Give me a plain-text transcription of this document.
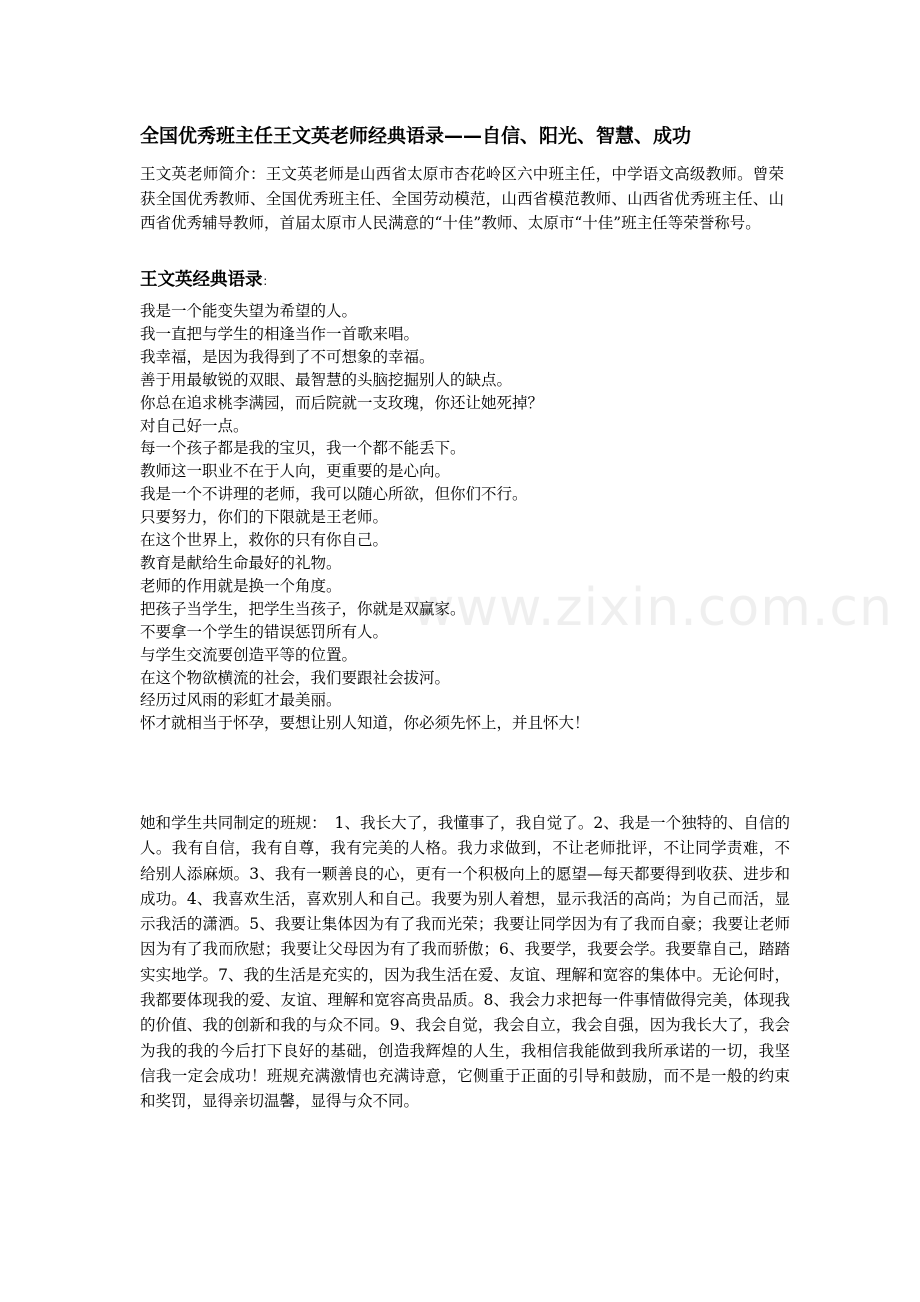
全国优秀班主任王文英老师经典语录——自信、阳光、智慧、成功
王文英老师简介：王文英老师是山西省太原市杏花岭区六中班主任，中学语文高级教师。曾荣获全国优秀教师、全国优秀班主任、全国劳动模范，山西省模范教师、山西省优秀班主任、山西省优秀辅导教师，首届太原市人民满意的“十佳”教师、太原市“十佳”班主任等荣誉称号。
王文英经典语录：
我是一个能变失望为希望的人。
我一直把与学生的相逢当作一首歌来唱。
我幸福，是因为我得到了不可想象的幸福。
善于用最敏锐的双眼、最智慧的头脑挖掘别人的缺点。
你总在追求桃李满园，而后院就一支玫瑰，你还让她死掉？
对自己好一点。
每一个孩子都是我的宝贝，我一个都不能丢下。
教师这一职业不在于人向，更重要的是心向。
我是一个不讲理的老师，我可以随心所欲，但你们不行。
只要努力，你们的下限就是王老师。
在这个世界上，救你的只有你自己。
教育是献给生命最好的礼物。
老师的作用就是换一个角度。
把孩子当学生，把学生当孩子，你就是双赢家。
不要拿一个学生的错误惩罚所有人。
与学生交流要创造平等的位置。
在这个物欲横流的社会，我们要跟社会拔河。
经历过风雨的彩虹才最美丽。
怀才就相当于怀孕，要想让别人知道，你必须先怀上，并且怀大！
她和学生共同制定的班规：　1、我长大了，我懂事了，我自觉了。2、我是一个独特的、自信的人。我有自信，我有自尊，我有完美的人格。我力求做到，不让老师批评，不让同学责难，不给别人添麻烦。3、我有一颗善良的心，更有一个积极向上的愿望—每天都要得到收获、进步和成功。4、我喜欢生活，喜欢别人和自己。我要为别人着想，显示我活的高尚；为自己而活，显示我活的潇洒。5、我要让集体因为有了我而光荣；我要让同学因为有了我而自豪；我要让老师因为有了我而欣慰；我要让父母因为有了我而骄傲；6、我要学，我要会学。我要靠自己，踏踏实实地学。7、我的生活是充实的，因为我生活在爱、友谊、理解和宽容的集体中。无论何时，我都要体现我的爱、友谊、理解和宽容高贵品质。8、我会力求把每一件事情做得完美，体现我的价值、我的创新和我的与众不同。9、我会自觉，我会自立，我会自强，因为我长大了，我会为我的我的今后打下良好的基础，创造我辉煌的人生，我相信我能做到我所承诺的一切，我坚信我一定会成功！班规充满激情也充满诗意，它侧重于正面的引导和鼓励，而不是一般的约束和奖罚，显得亲切温馨，显得与众不同。
www.zixin.com.cn
